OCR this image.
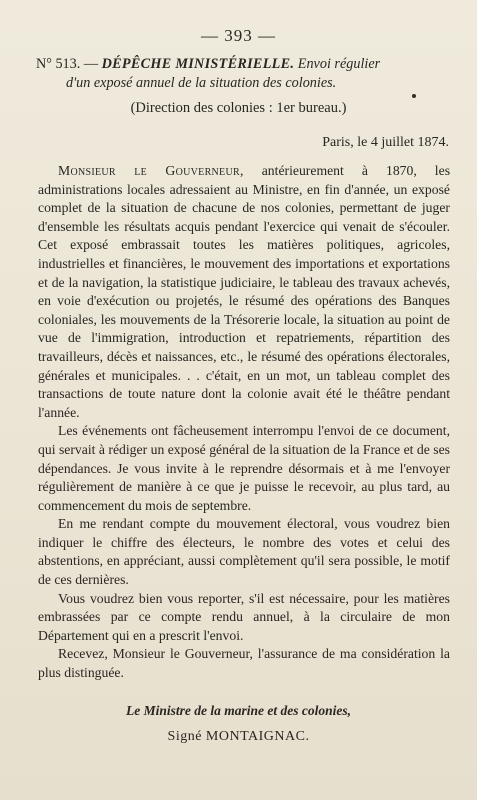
— 393 —
N° 513. — DÉPÊCHE MINISTÉRIELLE. Envoi régulier
d'un exposé annuel de la situation des colonies.
(Direction des colonies : 1er bureau.)
Paris, le 4 juillet 1874.

Monsieur le Gouverneur, antérieurement à 1870, les administrations locales adressaient au Ministre, en fin d'année, un exposé complet de la situation de chacune de nos colonies, permettant de juger d'ensemble les résultats acquis pendant l'exercice qui venait de s'écouler. Cet exposé embrassait toutes les matières politiques, agricoles, industrielles et financières, le mouvement des importations et exportations et de la navigation, la statistique judiciaire, le tableau des travaux achevés, en voie d'exécution ou projetés, le résumé des opérations des Banques coloniales, les mouvements de la Trésorerie locale, la situation au point de vue de l'immigration, introduction et repatriements, répartition des travailleurs, décès et naissances, etc., le résumé des opérations électorales, générales et municipales. . . c'était, en un mot, un tableau complet des transactions de toute nature dont la colonie avait été le théâtre pendant l'année.

Les événements ont fâcheusement interrompu l'envoi de ce document, qui servait à rédiger un exposé général de la situation de la France et de ses dépendances. Je vous invite à le reprendre désormais et à me l'envoyer régulièrement de manière à ce que je puisse le recevoir, au plus tard, au commencement du mois de septembre.

En me rendant compte du mouvement électoral, vous voudrez bien indiquer le chiffre des électeurs, le nombre des votes et celui des abstentions, en appréciant, aussi complètement qu'il sera possible, le motif de ces dernières.

Vous voudrez bien vous reporter, s'il est nécessaire, pour les matières embrassées par ce compte rendu annuel, à la circulaire de mon Département qui en a prescrit l'envoi.

Recevez, Monsieur le Gouverneur, l'assurance de ma considération la plus distinguée.

Le Ministre de la marine et des colonies,
Signé MONTAIGNAC.
